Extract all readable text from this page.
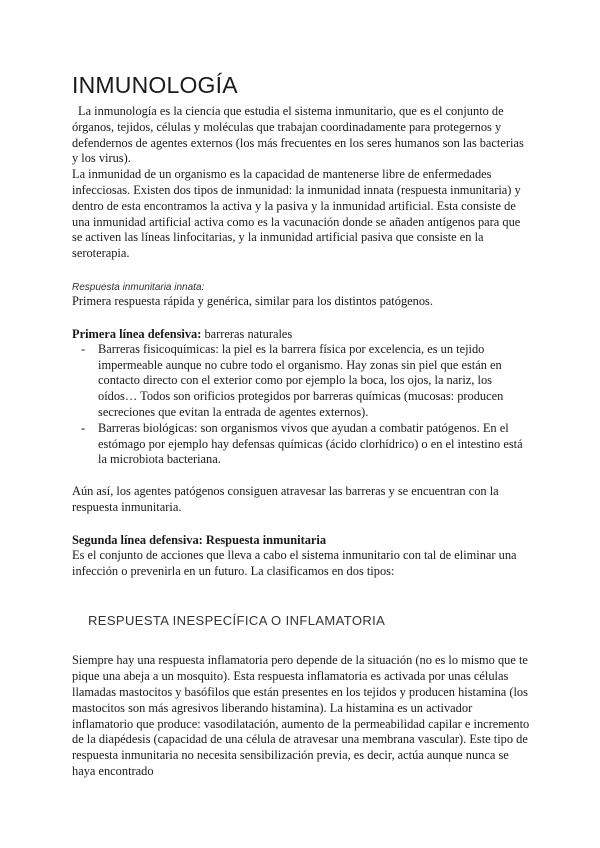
INMUNOLOGÍA

La inmunología es la ciencia que estudia el sistema inmunitario, que es el conjunto de órganos, tejidos, células y moléculas que trabajan coordinadamente para protegernos y defendernos de agentes externos (los más frecuentes en los seres humanos son las bacterias y los virus).

La inmunidad de un organismo es la capacidad de mantenerse libre de enfermedades infecciosas. Existen dos tipos de inmunidad: la inmunidad innata (respuesta inmunitaria) y dentro de esta encontramos la activa y la pasiva y la inmunidad artificial. Esta consiste de una inmunidad artificial activa como es la vacunación donde se añaden antígenos para que se activen las líneas linfocitarias, y la inmunidad artificial pasiva que consiste en la seroterapia.

Respuesta inmunitaria innata:

Primera respuesta rápida y genérica, similar para los distintos patógenos.

Primera línea defensiva: barreras naturales
- Barreras fisicoquímicas: la piel es la barrera física por excelencia, es un tejido impermeable aunque no cubre todo el organismo. Hay zonas sin piel que están en contacto directo con el exterior como por ejemplo la boca, los ojos, la nariz, los oídos… Todos son orificios protegidos por barreras químicas (mucosas: producen secreciones que evitan la entrada de agentes externos).
- Barreras biológicas: son organismos vivos que ayudan a combatir patógenos. En el estómago por ejemplo hay defensas químicas (ácido clorhídrico) o en el intestino está la microbiota bacteriana.

Aún así, los agentes patógenos consiguen atravesar las barreras y se encuentran con la respuesta inmunitaria.

Segunda línea defensiva: Respuesta inmunitaria

Es el conjunto de acciones que lleva a cabo el sistema inmunitario con tal de eliminar una infección o prevenirla en un futuro. La clasificamos en dos tipos:

RESPUESTA INESPECÍFICA O INFLAMATORIA

Siempre hay una respuesta inflamatoria pero depende de la situación (no es lo mismo que te pique una abeja a un mosquito). Esta respuesta inflamatoria es activada por unas células llamadas mastocitos y basófilos que están presentes en los tejidos y producen histamina (los mastocitos son más agresivos liberando histamina). La histamina es un activador inflamatorio que produce: vasodilatación, aumento de la permeabilidad capilar e incremento de la diapédesis (capacidad de una célula de atravesar una membrana vascular). Este tipo de respuesta inmunitaria no necesita sensibilización previa, es decir, actúa aunque nunca se haya encontrado
